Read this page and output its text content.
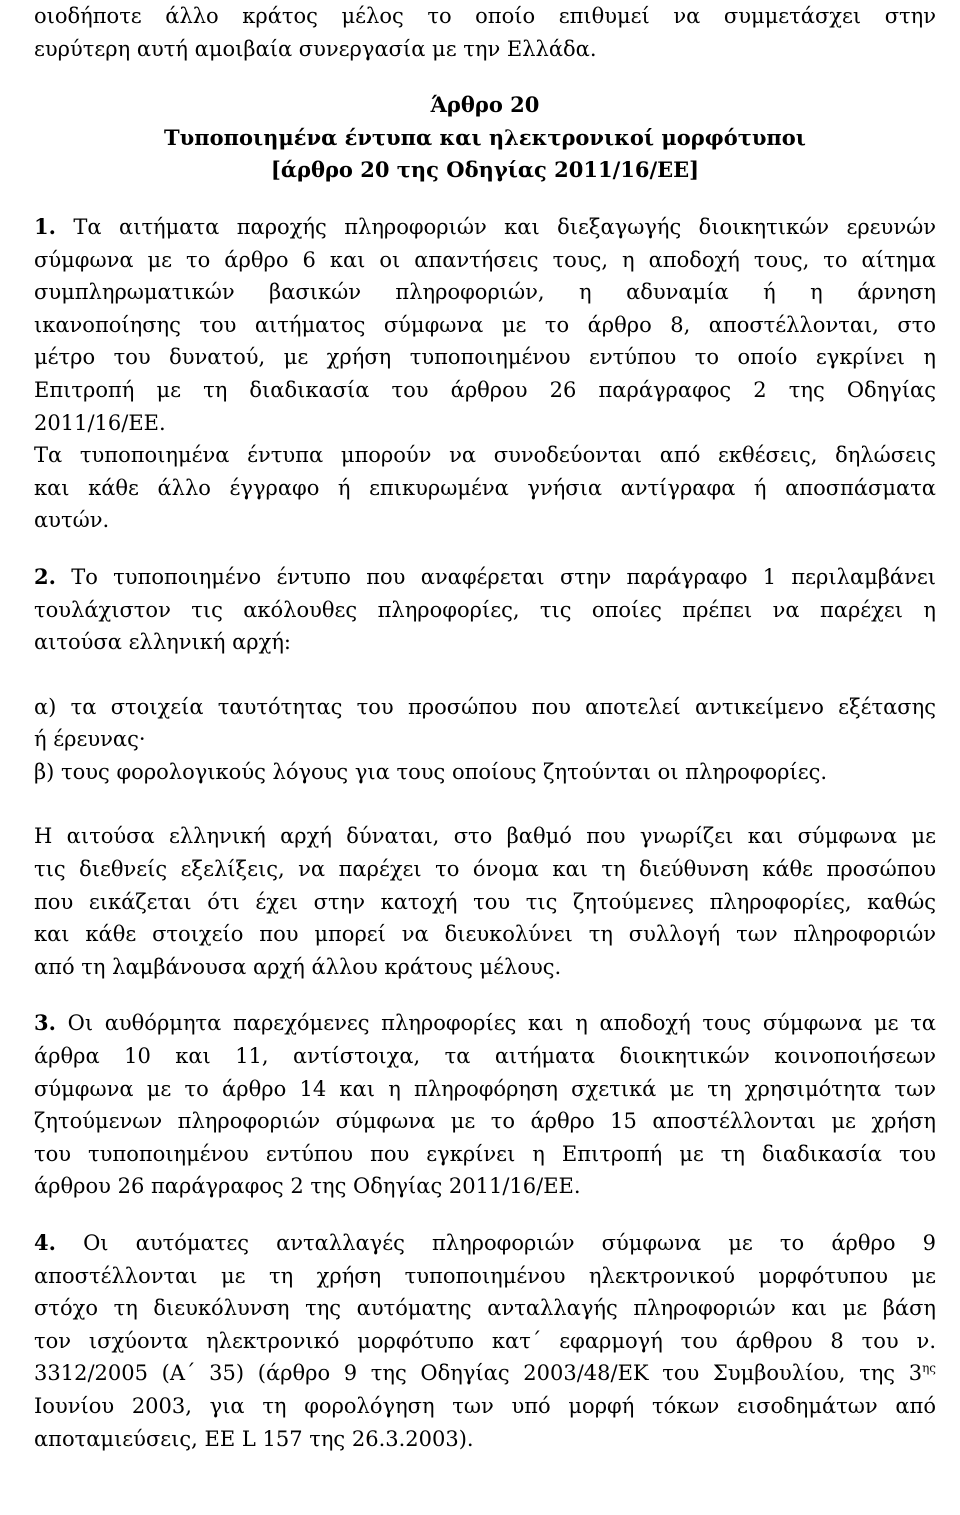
οιοδήποτε άλλο κράτος μέλος το οποίο επιθυμεί να συμμετάσχει στην
ευρύτερη αυτή αμοιβαία συνεργασία με την Ελλάδα.
Άρθρο 20
Τυποποιημένα έντυπα και ηλεκτρονικοί μορφότυποι
[άρθρο 20 της Οδηγίας 2011/16/ΕΕ]
1. Τα αιτήματα παροχής πληροφοριών και διεξαγωγής διοικητικών ερευνών
σύμφωνα με το άρθρο 6 και οι απαντήσεις τους, η αποδοχή τους, το αίτημα
συμπληρωματικών βασικών πληροφοριών, η αδυναμία ή η άρνηση
ικανοποίησης του αιτήματος σύμφωνα με το άρθρο 8, αποστέλλονται, στο
μέτρο του δυνατού, με χρήση τυποποιημένου εντύπου το οποίο εγκρίνει η
Επιτροπή με τη διαδικασία του άρθρου 26 παράγραφος 2 της Οδηγίας
2011/16/ΕΕ.
Τα τυποποιημένα έντυπα μπορούν να συνοδεύονται από εκθέσεις, δηλώσεις
και κάθε άλλο έγγραφο ή επικυρωμένα γνήσια αντίγραφα ή αποσπάσματα
αυτών.
2. Το τυποποιημένο έντυπο που αναφέρεται στην παράγραφο 1 περιλαμβάνει
τουλάχιστον τις ακόλουθες πληροφορίες, τις οποίες πρέπει να παρέχει η
αιτούσα ελληνική αρχή:
α) τα στοιχεία ταυτότητας του προσώπου που αποτελεί αντικείμενο εξέτασης
ή έρευνας·
β) τους φορολογικούς λόγους για τους οποίους ζητούνται οι πληροφορίες.
Η αιτούσα ελληνική αρχή δύναται, στο βαθμό που γνωρίζει και σύμφωνα με
τις διεθνείς εξελίξεις, να παρέχει το όνομα και τη διεύθυνση κάθε προσώπου
που εικάζεται ότι έχει στην κατοχή του τις ζητούμενες πληροφορίες, καθώς
και κάθε στοιχείο που μπορεί να διευκολύνει τη συλλογή των πληροφοριών
από τη λαμβάνουσα αρχή άλλου κράτους μέλους.
3. Οι αυθόρμητα παρεχόμενες πληροφορίες και η αποδοχή τους σύμφωνα με τα
άρθρα 10 και 11, αντίστοιχα, τα αιτήματα διοικητικών κοινοποιήσεων
σύμφωνα με το άρθρο 14 και η πληροφόρηση σχετικά με τη χρησιμότητα των
ζητούμενων πληροφοριών σύμφωνα με το άρθρο 15 αποστέλλονται με χρήση
του τυποποιημένου εντύπου που εγκρίνει η Επιτροπή με τη διαδικασία του
άρθρου 26 παράγραφος 2 της Οδηγίας 2011/16/ΕΕ.
4. Οι αυτόματες ανταλλαγές πληροφοριών σύμφωνα με το άρθρο 9
αποστέλλονται με τη χρήση τυποποιημένου ηλεκτρονικού μορφότυπου με
στόχο τη διευκόλυνση της αυτόματης ανταλλαγής πληροφοριών και με βάση
τον ισχύοντα ηλεκτρονικό μορφότυπο κατ΄ εφαρμογή του άρθρου 8 του ν.
3312/2005 (Α΄ 35) (άρθρο 9 της Οδηγίας 2003/48/ΕΚ του Συμβουλίου, της $3^{\eta\varsigma}$
Ιουνίου 2003, για τη φορολόγηση των υπό μορφή τόκων εισοδημάτων από
αποταμιεύσεις, ΕΕ L 157 της 26.3.2003).
